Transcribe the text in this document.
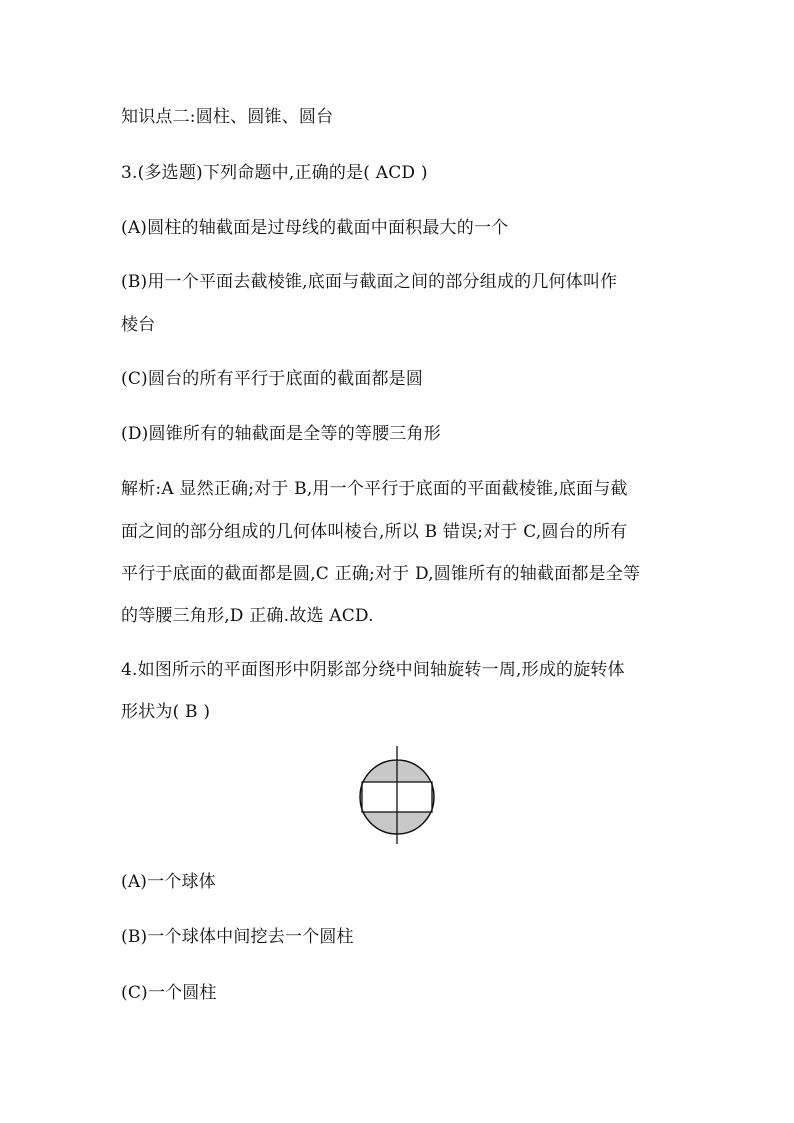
知识点二:圆柱、圆锥、圆台
3.(多选题)下列命题中,正确的是( ACD )
(A)圆柱的轴截面是过母线的截面中面积最大的一个
(B)用一个平面去截棱锥,底面与截面之间的部分组成的几何体叫作
棱台
(C)圆台的所有平行于底面的截面都是圆
(D)圆锥所有的轴截面是全等的等腰三角形
解析:A 显然正确;对于 B,用一个平行于底面的平面截棱锥,底面与截
面之间的部分组成的几何体叫棱台,所以 B 错误;对于 C,圆台的所有
平行于底面的截面都是圆,C 正确;对于 D,圆锥所有的轴截面都是全等
的等腰三角形,D 正确.故选 ACD.
4.如图所示的平面图形中阴影部分绕中间轴旋转一周,形成的旋转体
形状为( B )
(A)一个球体
(B)一个球体中间挖去一个圆柱
(C)一个圆柱
